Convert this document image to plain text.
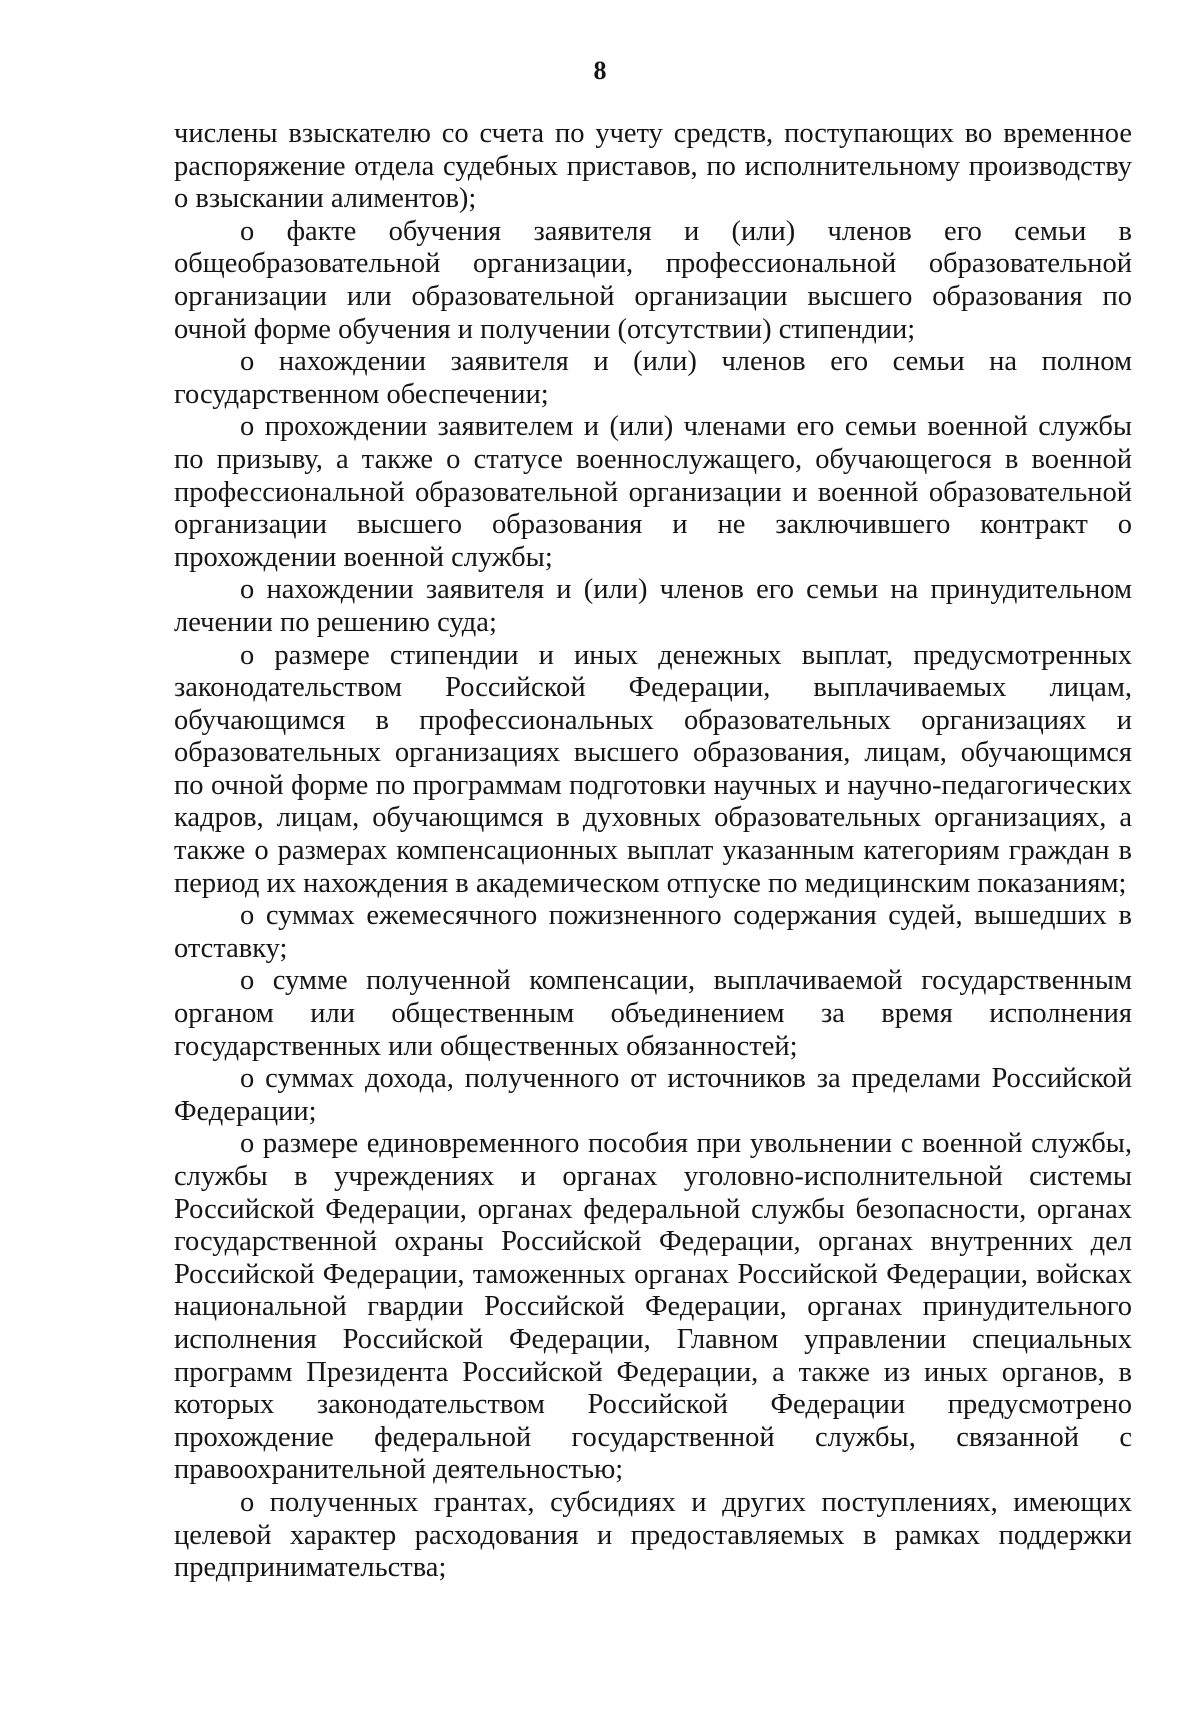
8

числены взыскателю со счета по учету средств, поступающих во временное распоряжение отдела судебных приставов, по исполнительному производству о взыскании алиментов);

о факте обучения заявителя и (или) членов его семьи в общеобразовательной организации, профессиональной образовательной организации или образовательной организации высшего образования по очной форме обучения и получении (отсутствии) стипендии;

о нахождении заявителя и (или) членов его семьи на полном государственном обеспечении;

о прохождении заявителем и (или) членами его семьи военной службы по призыву, а также о статусе военнослужащего, обучающегося в военной профессиональной образовательной организации и военной образовательной организации высшего образования и не заключившего контракт о прохождении военной службы;

о нахождении заявителя и (или) членов его семьи на принудительном лечении по решению суда;

о размере стипендии и иных денежных выплат, предусмотренных законодательством Российской Федерации, выплачиваемых лицам, обучающимся в профессиональных образовательных организациях и образовательных организациях высшего образования, лицам, обучающимся по очной форме по программам подготовки научных и научно-педагогических кадров, лицам, обучающимся в духовных образовательных организациях, а также о размерах компенсационных выплат указанным категориям граждан в период их нахождения в академическом отпуске по медицинским показаниям;

о суммах ежемесячного пожизненного содержания судей, вышедших в отставку;

о сумме полученной компенсации, выплачиваемой государственным органом или общественным объединением за время исполнения государственных или общественных обязанностей;

о суммах дохода, полученного от источников за пределами Российской Федерации;

о размере единовременного пособия при увольнении с военной службы, службы в учреждениях и органах уголовно-исполнительной системы Российской Федерации, органах федеральной службы безопасности, органах государственной охраны Российской Федерации, органах внутренних дел Российской Федерации, таможенных органах Российской Федерации, войсках национальной гвардии Российской Федерации, органах принудительного исполнения Российской Федерации, Главном управлении специальных программ Президента Российской Федерации, а также из иных органов, в которых законодательством Российской Федерации предусмотрено прохождение федеральной государственной службы, связанной с правоохранительной деятельностью;

о полученных грантах, субсидиях и других поступлениях, имеющих целевой характер расходования и предоставляемых в рамках поддержки предпринимательства;
